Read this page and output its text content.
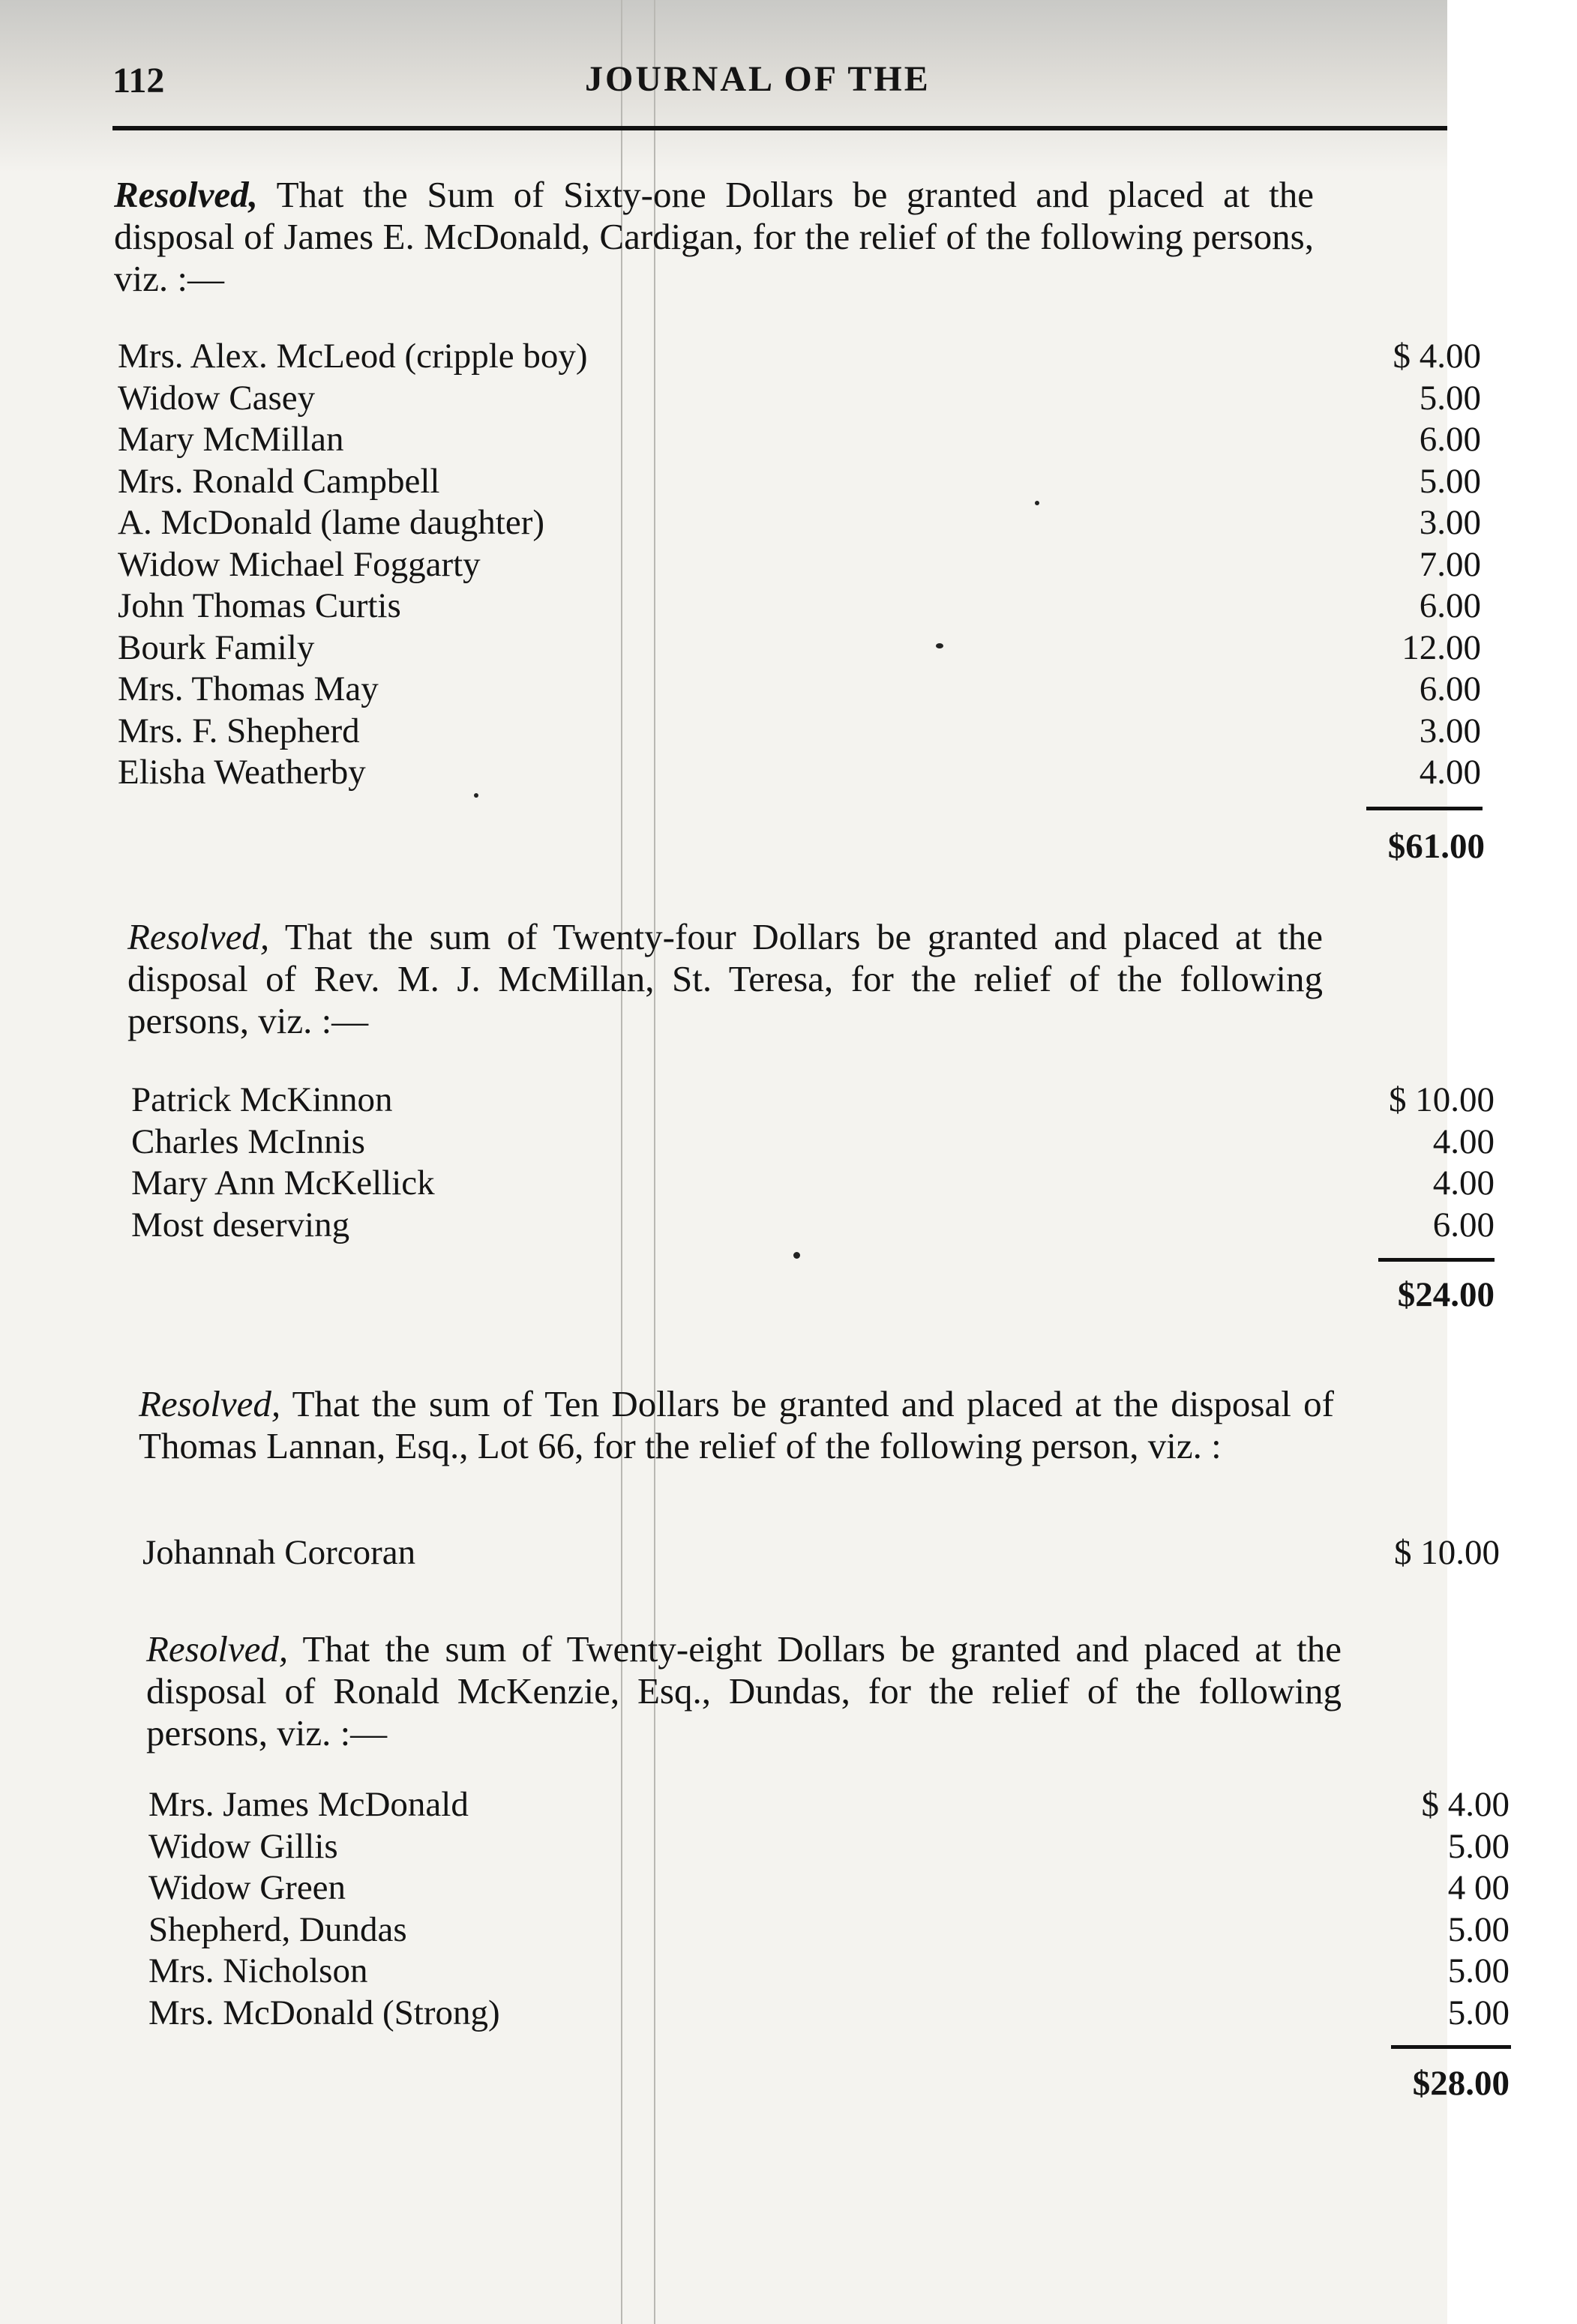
112	JOURNAL OF THE

Resolved, That the Sum of Sixty-one Dollars be granted and placed at the disposal of James E. McDonald, Cardigan, for the relief of the following persons, viz. :—

Mrs. Alex. McLeod (cripple boy)	$ 4.00
Widow Casey	5.00
Mary McMillan	6.00
Mrs. Ronald Campbell	5.00
A. McDonald (lame daughter)	3.00
Widow Michael Foggarty	7.00
John Thomas Curtis	6.00
Bourk Family	12.00
Mrs. Thomas May	6.00
Mrs. F. Shepherd	3.00
Elisha Weatherby	4.00
$61.00

Resolved, That the sum of Twenty-four Dollars be granted and placed at the disposal of Rev. M. J. McMillan, St. Teresa, for the relief of the following persons, viz. :—

Patrick McKinnon	$ 10.00
Charles McInnis	4.00
Mary Ann McKellick	4.00
Most deserving	6.00
$24.00

Resolved, That the sum of Ten Dollars be granted and placed at the disposal of Thomas Lannan, Esq., Lot 66, for the relief of the following person, viz. :

Johannah Corcoran	$ 10.00

Resolved, That the sum of Twenty-eight Dollars be granted and placed at the disposal of Ronald McKenzie, Esq., Dundas, for the relief of the following persons, viz. :—

Mrs. James McDonald	$ 4.00
Widow Gillis	5.00
Widow Green	4 00
Shepherd, Dundas	5.00
Mrs. Nicholson	5.00
Mrs. McDonald (Strong)	5.00
$28.00
